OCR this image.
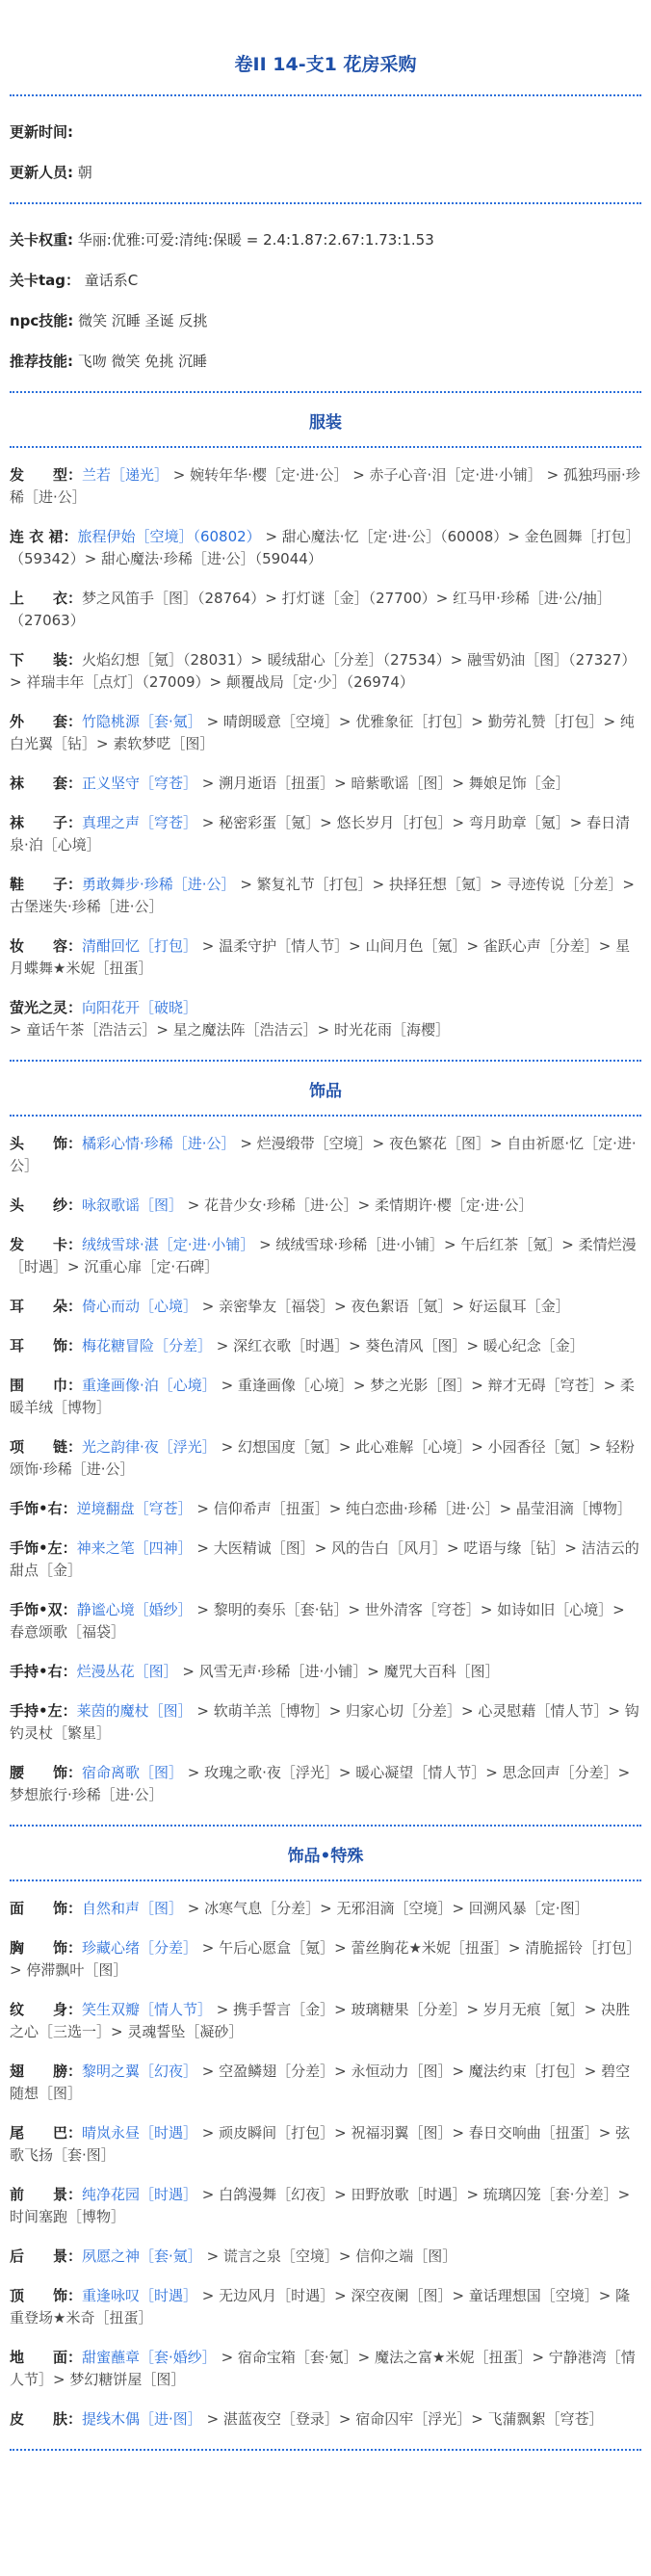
卷II 14-支1 花房采购
更新时间:
更新人员: 朝
关卡权重: 华丽:优雅:可爱:清纯:保暖 = 2.4:1.87:2.67:1.73:1.53
关卡tag： 童话系C
npc技能: 微笑 沉睡 圣诞 反挑
推荐技能: 飞吻 微笑 免挑 沉睡
服装
发　　型：兰若［递光］ > 婉转年华·樱［定·进·公］ > 赤子心音·泪［定·进·小铺］ > 孤独玛丽·珍稀［进·公］
连 衣 裙：旅程伊始［空境］（60802） > 甜心魔法·忆［定·进·公］（60008）> 金色圆舞［打包］（59342）> 甜心魔法·珍稀［进·公］（59044）
上　　衣：梦之风笛手［图］（28764）> 打灯谜［金］（27700）> 红马甲·珍稀［进·公/抽］（27063）
下　　装：火焰幻想［氪］（28031）> 暖绒甜心［分差］（27534）> 融雪奶油［图］（27327）> 祥瑞丰年［点灯］（27009）> 颠覆战局［定·少］（26974）
外　　套：竹隐桃源［套·氪］ > 晴朗暖意［空境］> 优雅象征［打包］> 勤劳礼赞［打包］> 纯白光翼［钻］> 素软梦呓［图］
袜　　套：正义坚守［穹苍］ > 溯月逝语［扭蛋］> 暗紫歌谣［图］> 舞娘足饰［金］
袜　　子：真理之声［穹苍］ > 秘密彩蛋［氪］> 悠长岁月［打包］> 弯月助章［氪］> 春日清泉·泊［心境］
鞋　　子：勇敢舞步·珍稀［进·公］ > 繁复礼节［打包］> 抉择狂想［氪］> 寻迹传说［分差］> 古堡迷失·珍稀［进·公］
妆　　容：清酣回忆［打包］ > 温柔守护［情人节］> 山间月色［氪］> 雀跃心声［分差］> 星月蝶舞★米妮［扭蛋］
萤光之灵：向阳花开［破晓］ > 童话午茶［浩洁云］> 星之魔法阵［浩洁云］> 时光花雨［海樱］
饰品
头　　饰：橘彩心情·珍稀［进·公］ > 烂漫缎带［空境］> 夜色繁花［图］> 自由祈愿·忆［定·进·公］
头　　纱：咏叙歌谣［图］ > 花昔少女·珍稀［进·公］> 柔情期许·樱［定·进·公］
发　　卡：绒绒雪球·湛［定·进·小铺］ > 绒绒雪球·珍稀［进·小铺］> 午后红茶［氪］> 柔情烂漫［时遇］> 沉重心扉［定·石碑］
耳　　朵：倚心而动［心境］ > 亲密挚友［福袋］> 夜色絮语［氪］> 好运鼠耳［金］
耳　　饰：梅花糖冒险［分差］ > 深红衣歌［时遇］> 葵色清风［图］> 暖心纪念［金］
围　　巾：重逢画像·泊［心境］ > 重逢画像［心境］> 梦之光影［图］> 辩才无碍［穹苍］> 柔暖羊绒［博物］
项　　链：光之韵律·夜［浮光］ > 幻想国度［氪］> 此心难解［心境］> 小园香径［氪］> 轻粉颂饰·珍稀［进·公］
手饰•右：逆境翻盘［穹苍］ > 信仰希声［扭蛋］> 纯白恋曲·珍稀［进·公］> 晶莹泪滴［博物］
手饰•左：神来之笔［四神］ > 大医精诚［图］> 风的告白［风月］> 呓语与缘［钻］> 洁洁云的甜点［金］
手饰•双：静谧心境［婚纱］ > 黎明的奏乐［套·钻］> 世外清客［穹苍］> 如诗如旧［心境］> 春意颂歌［福袋］
手持•右：烂漫丛花［图］ > 风雪无声·珍稀［进·小铺］> 魔咒大百科［图］
手持•左：莱茵的魔杖［图］ > 软萌羊羔［博物］> 归家心切［分差］> 心灵慰藉［情人节］> 钩钓灵杖［繁星］
腰　　饰：宿命离歌［图］ > 玫瑰之歌·夜［浮光］> 暖心凝望［情人节］> 思念回声［分差］> 梦想旅行·珍稀［进·公］
饰品•特殊
面　　饰：自然和声［图］ > 冰寒气息［分差］> 无邪泪滴［空境］> 回溯风暴［定·图］
胸　　饰：珍藏心绪［分差］ > 午后心愿盒［氪］> 蕾丝胸花★米妮［扭蛋］> 清脆摇铃［打包］> 停滞飘叶［图］
纹　　身：笑生双瓣［情人节］ > 携手誓言［金］> 玻璃糖果［分差］> 岁月无痕［氪］> 决胜之心［三选一］> 灵魂誓坠［凝砂］
翅　　膀：黎明之翼［幻夜］ > 空盈鳞翅［分差］> 永恒动力［图］> 魔法约束［打包］> 碧空随想［图］
尾　　巴：晴岚永昼［时遇］ > 顽皮瞬间［打包］> 祝福羽翼［图］> 春日交响曲［扭蛋］> 弦歌飞扬［套·图］
前　　景：纯净花园［时遇］ > 白鸽漫舞［幻夜］> 田野放歌［时遇］> 琉璃囚笼［套·分差］> 时间塞跑［博物］
后　　景：夙愿之神［套·氪］ > 谎言之泉［空境］> 信仰之端［图］
顶　　饰：重逢咏叹［时遇］ > 无边风月［时遇］> 深空夜阑［图］> 童话理想国［空境］> 隆重登场★米奇［扭蛋］
地　　面：甜蜜蘸章［套·婚纱］ > 宿命宝箱［套·氪］> 魔法之富★米妮［扭蛋］> 宁静港湾［情人节］> 梦幻糖饼屋［图］
皮　　肤：提线木偶［进·图］ > 湛蓝夜空［登录］> 宿命囚牢［浮光］> 飞蒲飘絮［穹苍］
